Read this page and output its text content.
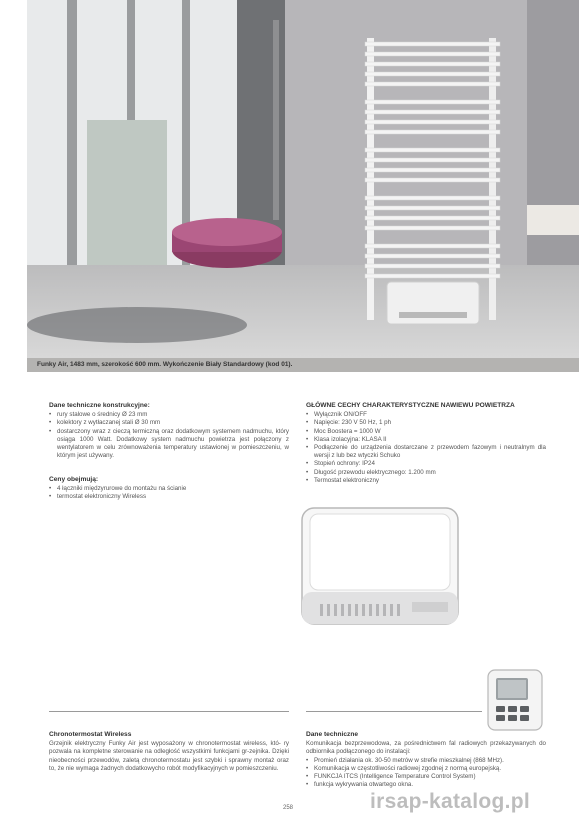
Funky Air, 1483 mm, szerokość 600 mm. Wykończenie Biały Standardowy (kod 01).
Dane techniczne konstrukcyjne:
• rury stalowe o średnicy Ø 23 mm
• kolektory z wytłaczanej stali Ø 30 mm
• dostarczony wraz z cieczą termiczną oraz dodatkowym systemem nadmuchu, który osiąga 1000 Watt. Dodatkowy system nadmuchu powietrza jest połączony z wentylatorem w celu zrównoważenia temperatury ustawionej w pomieszczeniu, w którym jest używany.
Ceny obejmują:
• 4 łączniki międzyrurowe do montażu na ścianie
• termostat elektroniczny Wireless
GŁÓWNE CECHY CHARAKTERYSTYCZNE NAWIEWU POWIETRZA
• Wyłącznik ON/OFF
• Napięcie: 230 V 50 Hz, 1 ph
• Moc Boostera = 1000 W
• Klasa izolacyjna: KLASA II
• Podłączenie do urządzenia dostarczane z przewodem fazowym i neutralnym dla wersji z lub bez wtyczki Schuko
• Stopień ochrony: IP24
• Długość przewodu elektrycznego: 1.200 mm
• Termostat elektroniczny
Chronotermostat Wireless

Grzejnik elektryczny Funky Air jest wyposażony w chronotermostat wireless, któ- ry pozwala na kompletne sterowanie na odległość wszystkimi funkcjami gr-zejnika. Dzięki nieobecności przewodów, zaletą chronotermostatu jest szybki i sprawny montaż oraz to, że nie wymaga żadnych dodatkowycho robót modyfikacyjnych w pomieszczeniu.

Dane techniczne

Komunikacja bezprzewodowa, za pośrednictwem fal radiowych przekazywanych do odbiornika podłączonego do instalacji:

• Promień działania ok. 30-50 metrów w strefie mieszkalnej (868 MHz).
• Komunikacja w częstotliwości radiowej zgodnej z normą europejską.
• FUNKCJA ITCS (Intelligence Temperature Control System)
• funkcja wykrywania otwartego okna.
258	irsap-katalog.pl
